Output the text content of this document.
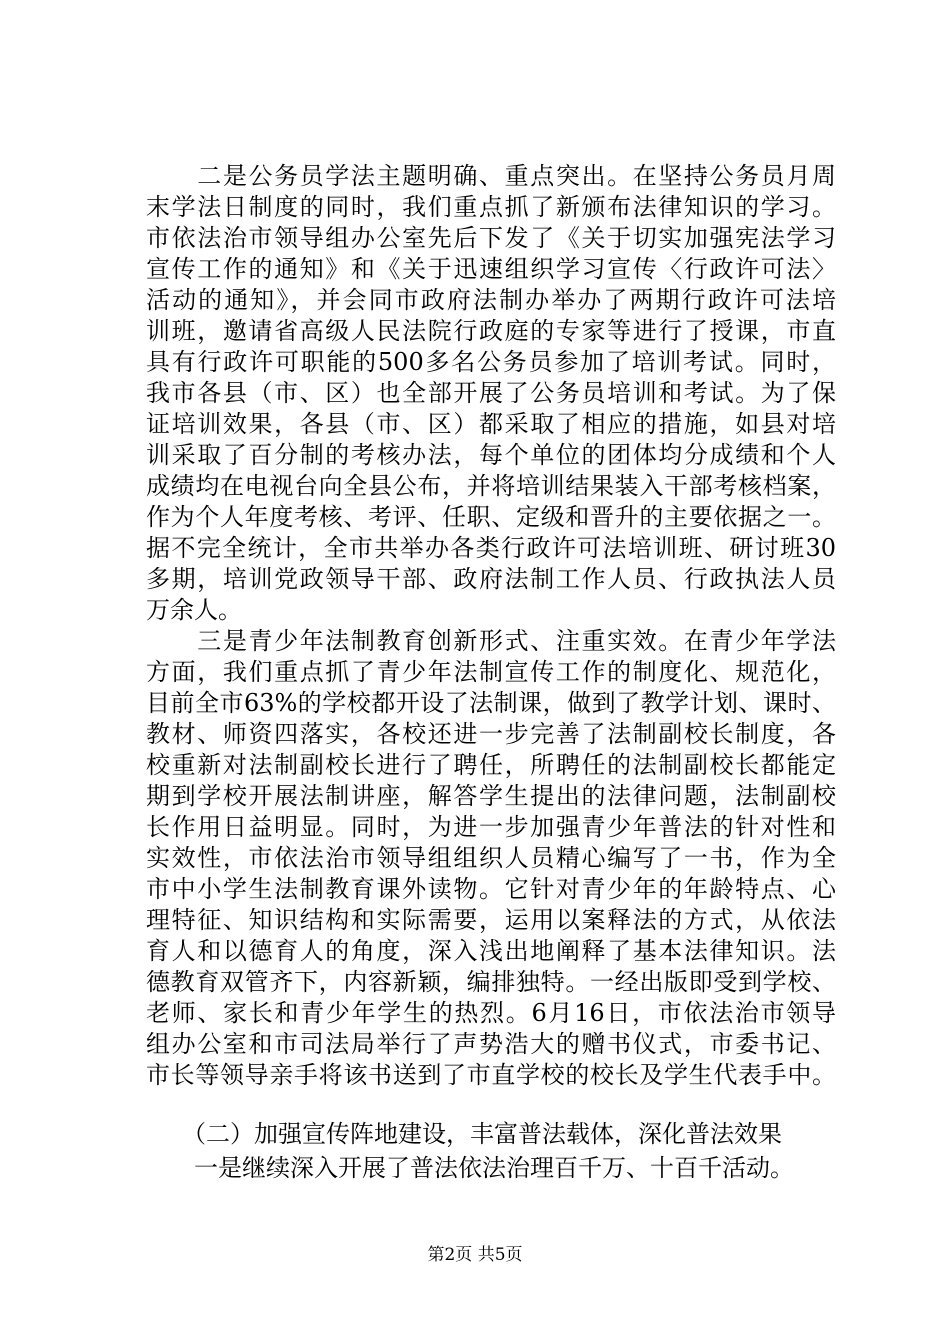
　　二是公务员学法主题明确、重点突出。在坚持公务员月周
末学法日制度的同时，我们重点抓了新颁布法律知识的学习。
市依法治市领导组办公室先后下发了《关于切实加强宪法学习
宣传工作的通知》和《关于迅速组织学习宣传〈行政许可法〉
活动的通知》，并会同市政府法制办举办了两期行政许可法培
训班，邀请省高级人民法院行政庭的专家等进行了授课，市直
具有行政许可职能的500多名公务员参加了培训考试。同时，
我市各县（市、区）也全部开展了公务员培训和考试。为了保
证培训效果，各县（市、区）都采取了相应的措施，如县对培
训采取了百分制的考核办法，每个单位的团体均分成绩和个人
成绩均在电视台向全县公布，并将培训结果装入干部考核档案，
作为个人年度考核、考评、任职、定级和晋升的主要依据之一。
据不完全统计，全市共举办各类行政许可法培训班、研讨班30
多期，培训党政领导干部、政府法制工作人员、行政执法人员
万余人。
　　三是青少年法制教育创新形式、注重实效。在青少年学法
方面，我们重点抓了青少年法制宣传工作的制度化、规范化，
目前全市63%的学校都开设了法制课，做到了教学计划、课时、
教材、师资四落实，各校还进一步完善了法制副校长制度，各
校重新对法制副校长进行了聘任，所聘任的法制副校长都能定
期到学校开展法制讲座，解答学生提出的法律问题，法制副校
长作用日益明显。同时，为进一步加强青少年普法的针对性和
实效性，市依法治市领导组组织人员精心编写了一书，作为全
市中小学生法制教育课外读物。它针对青少年的年龄特点、心
理特征、知识结构和实际需要，运用以案释法的方式，从依法
育人和以德育人的角度，深入浅出地阐释了基本法律知识。法
德教育双管齐下，内容新颖，编排独特。一经出版即受到学校、
老师、家长和青少年学生的热烈。6月16日，市依法治市领导
组办公室和市司法局举行了声势浩大的赠书仪式，市委书记、
市长等领导亲手将该书送到了市直学校的校长及学生代表手中。
　　（二）加强宣传阵地建设，丰富普法载体，深化普法效果
　　一是继续深入开展了普法依法治理百千万、十百千活动。
第2页 共5页
